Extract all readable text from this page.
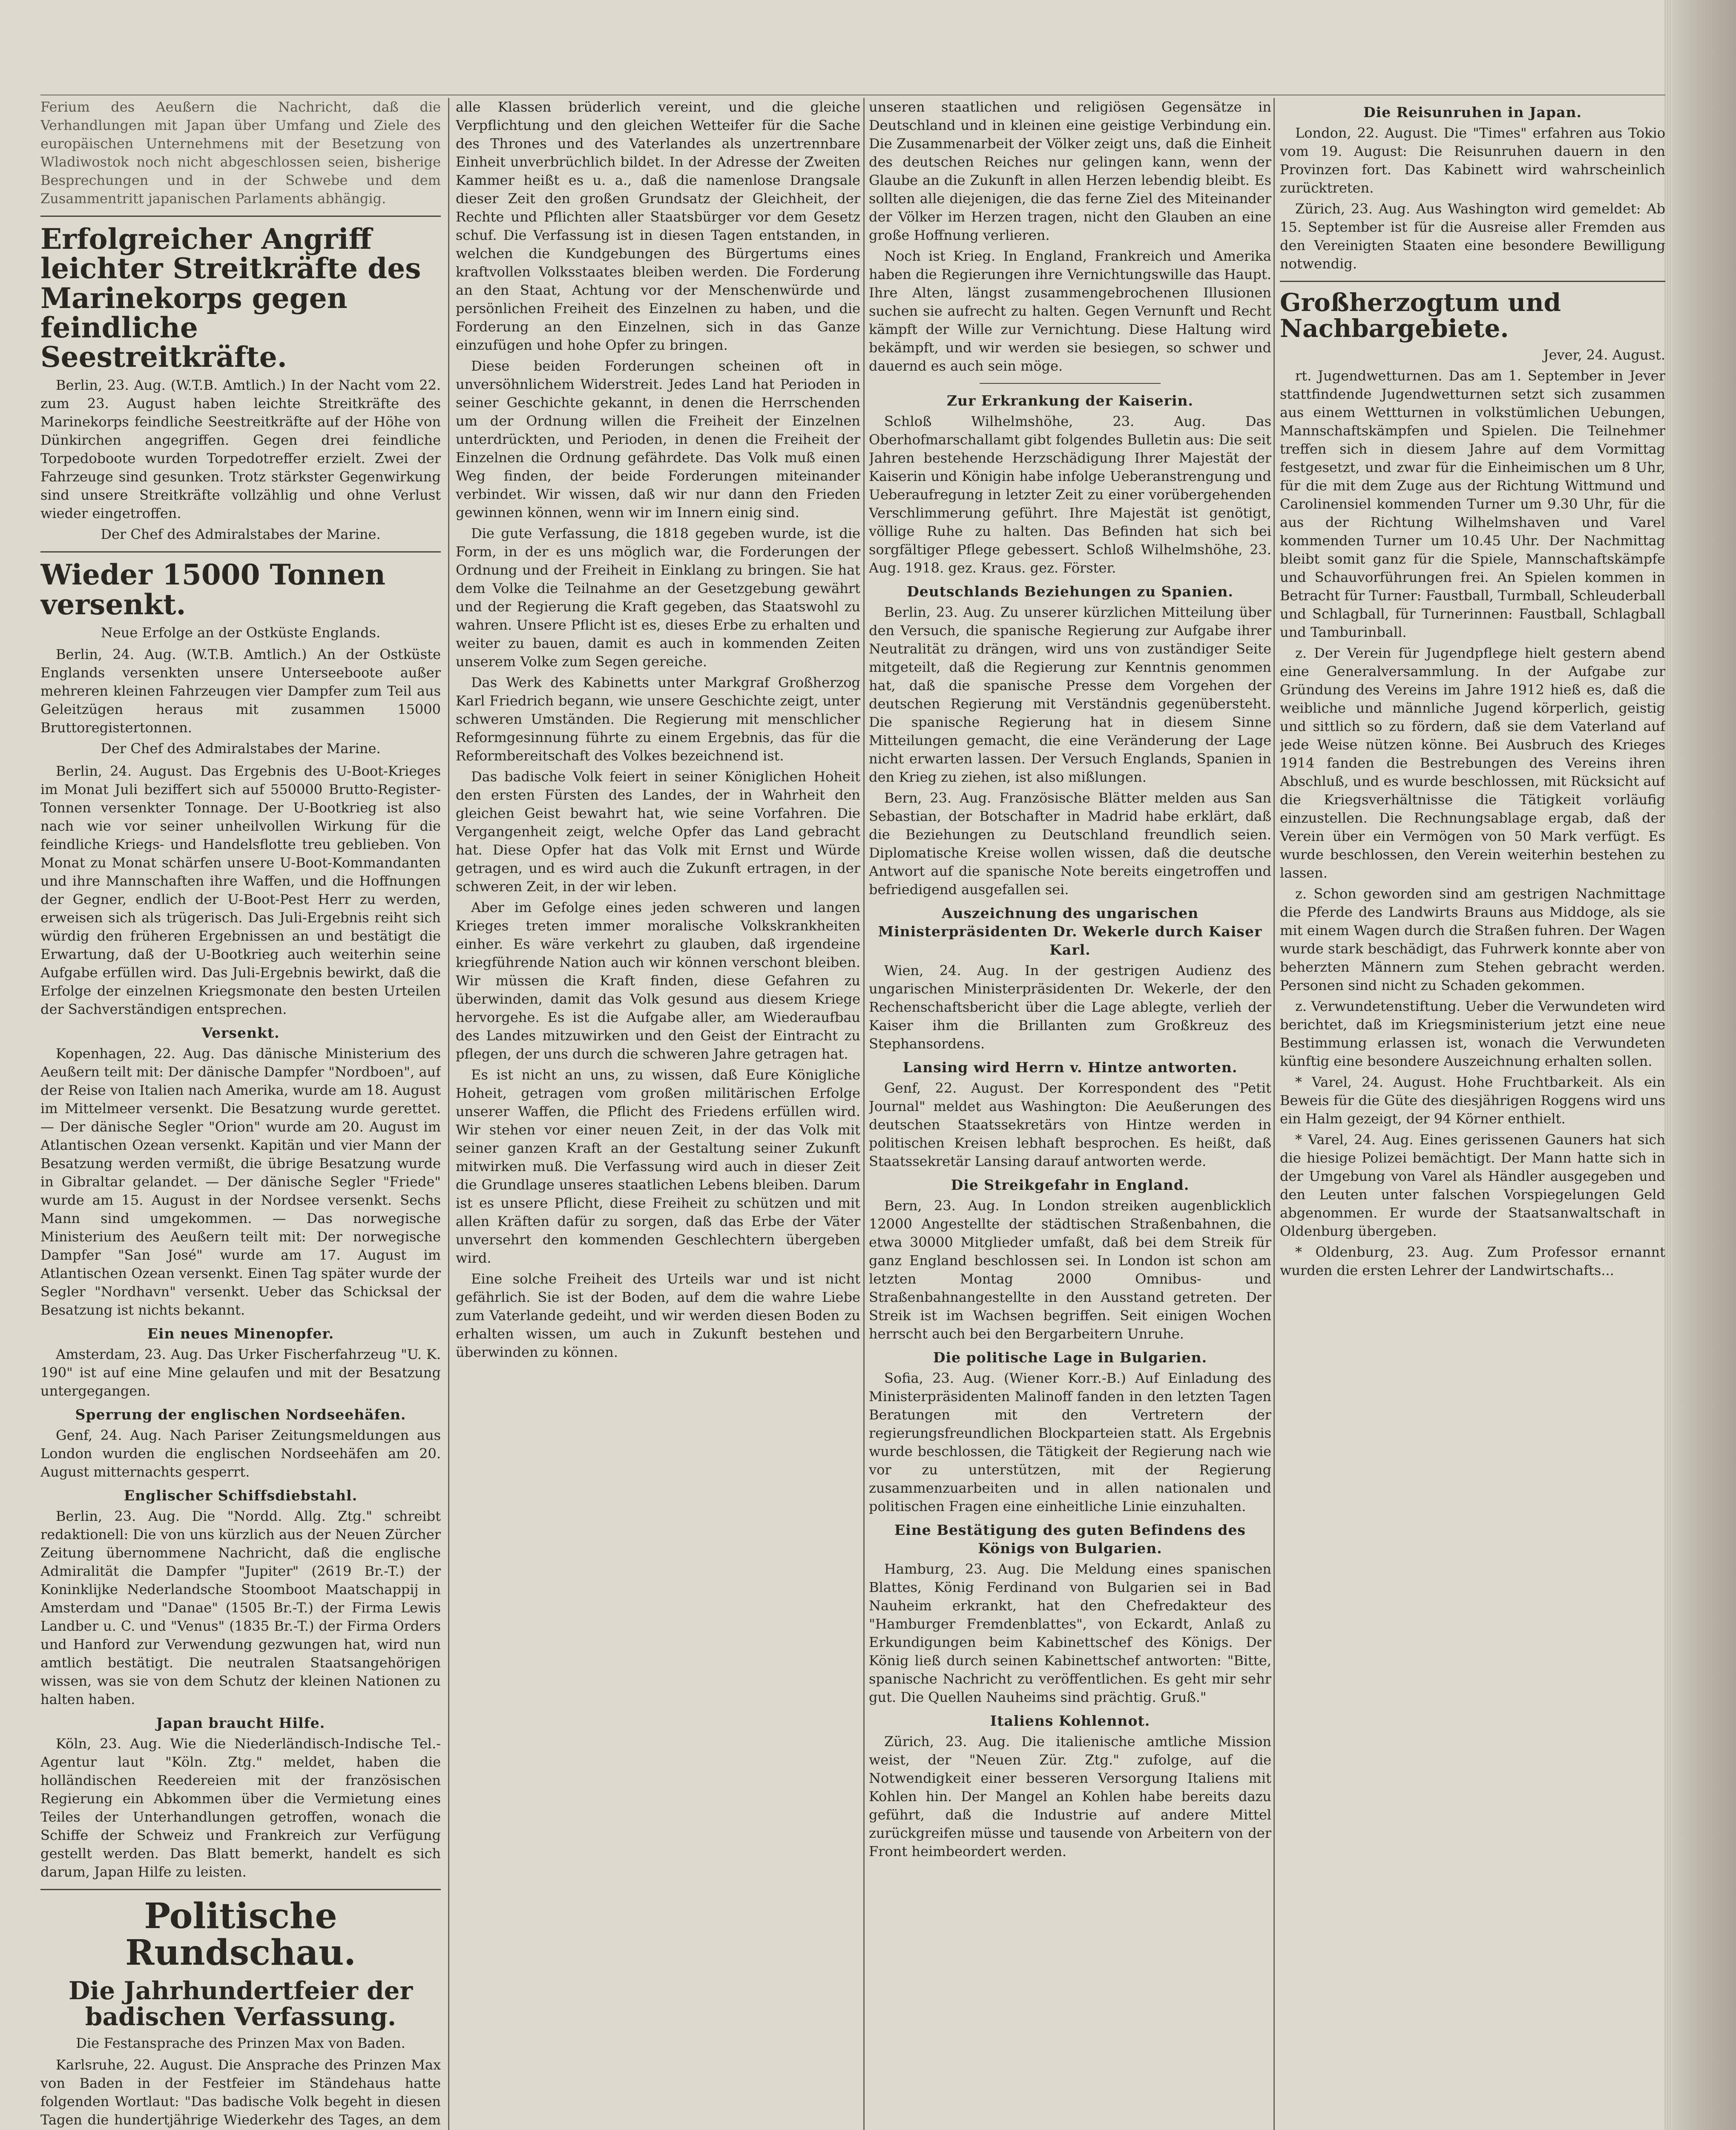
Ferium des Aeußern die Nachricht, daß die Verhandlungen mit Japan über Umfang und Ziele des europäischen Unternehmens mit der Besetzung von Wladiwostok noch nicht abgeschlossen seien, bisherige Besprechungen und in der Schwebe und dem Zusammentritt japanischen Parlaments abhängig.

Erfolgreicher Angriff leichter Streitkräfte des Marinekorps gegen feindliche Seestreitkräfte.

Berlin, 23. Aug. (W.T.B. Amtlich.) In der Nacht vom 22. zum 23. August haben leichte Streitkräfte des Marinekorps feindliche Seestreitkräfte auf der Höhe von Dünkirchen angegriffen. Gegen drei feindliche Torpedoboote wurden Torpedotreffer erzielt. Zwei der Fahrzeuge sind gesunken. Trotz stärkster Gegenwirkung sind unsere Streitkräfte vollzählig und ohne Verlust wieder eingetroffen.

Der Chef des Admiralstabes der Marine.
Wieder 15000 Tonnen versenkt.
Neue Erfolge an der Ostküste Englands.

Berlin, 24. Aug. (W.T.B. Amtlich.) An der Ostküste Englands versenkten unsere Unterseeboote außer mehreren kleinen Fahrzeugen vier Dampfer zum Teil aus Geleitzügen heraus mit zusammen 15000 Bruttoregistertonnen.

Der Chef des Admiralstabes der Marine.

Berlin, 24. August. Das Ergebnis des U-Boot-Krieges im Monat Juli beziffert sich auf 550000 Brutto-Register-Tonnen versenkter Tonnage. Der U-Bootkrieg ist also nach wie vor seiner unheilvollen Wirkung für die feindliche Kriegs- und Handelsflotte treu geblieben. Von Monat zu Monat schärfen unsere U-Boot-Kommandanten und ihre Mannschaften ihre Waffen, und die Hoffnungen der Gegner, endlich der U-Boot-Pest Herr zu werden, erweisen sich als trügerisch. Das Juli-Ergebnis reiht sich würdig den früheren Ergebnissen an und bestätigt die Erwartung, daß der U-Bootkrieg auch weiterhin seine Aufgabe erfüllen wird. Das Juli-Ergebnis bewirkt, daß die Erfolge der einzelnen Kriegsmonate den besten Urteilen der Sachverständigen entsprechen.

Versenkt.

Kopenhagen, 22. Aug. Das dänische Ministerium des Aeußern teilt mit: Der dänische Dampfer "Nordboen", auf der Reise von Italien nach Amerika, wurde am 18. August im Mittelmeer versenkt. Die Besatzung wurde gerettet. — Der dänische Segler "Orion" wurde am 20. August im Atlantischen Ozean versenkt. Kapitän und vier Mann der Besatzung werden vermißt, die übrige Besatzung wurde in Gibraltar gelandet. — Der dänische Segler "Friede" wurde am 15. August in der Nordsee versenkt. Sechs Mann sind umgekommen. — Das norwegische Ministerium des Aeußern teilt mit: Der norwegische Dampfer "San José" wurde am 17. August im Atlantischen Ozean versenkt. Einen Tag später wurde der Segler "Nordhavn" versenkt. Ueber das Schicksal der Besatzung ist nichts bekannt.

Ein neues Minenopfer.

Amsterdam, 23. Aug. Das Urker Fischerfahrzeug "U. K. 190" ist auf eine Mine gelaufen und mit der Besatzung untergegangen.

Sperrung der englischen Nordseehäfen.

Genf, 24. Aug. Nach Pariser Zeitungsmeldungen aus London wurden die englischen Nordseehäfen am 20. August mitternachts gesperrt.

Englischer Schiffsdiebstahl.

Berlin, 23. Aug. Die "Nordd. Allg. Ztg." schreibt redaktionell: Die von uns kürzlich aus der Neuen Zürcher Zeitung übernommene Nachricht, daß die englische Admiralität die Dampfer "Jupiter" (2619 Br.-T.) der Koninklijke Nederlandsche Stoomboot Maatschappij in Amsterdam und "Danae" (1505 Br.-T.) der Firma Lewis Landber u. C. und "Venus" (1835 Br.-T.) der Firma Orders und Hanford zur Verwendung gezwungen hat, wird nun amtlich bestätigt. Die neutralen Staatsangehörigen wissen, was sie von dem Schutz der kleinen Nationen zu halten haben.

Japan braucht Hilfe.

Köln, 23. Aug. Wie die Niederländisch-Indische Tel.-Agentur laut "Köln. Ztg." meldet, haben die holländischen Reedereien mit der französischen Regierung ein Abkommen über die Vermietung eines Teiles der Unterhandlungen getroffen, wonach die Schiffe der Schweiz und Frankreich zur Verfügung gestellt werden. Das Blatt bemerkt, handelt es sich darum, Japan Hilfe zu leisten.

Politische Rundschau.
Die Jahrhundertfeier der badischen Verfassung.
Die Festansprache des Prinzen Max von Baden.

Karlsruhe, 22. August. Die Ansprache des Prinzen Max von Baden in der Festfeier im Ständehaus hatte folgenden Wortlaut: "Das badische Volk begeht in diesen Tagen die hundertjährige Wiederkehr des Tages, an dem

alle Klassen brüderlich vereint, und die gleiche Verpflichtung und den gleichen Wetteifer für die Sache des Thrones und des Vaterlandes als unzertrennbare Einheit unverbrüchlich bildet. In der Adresse der Zweiten Kammer heißt es u. a., daß die namenlose Drangsale dieser Zeit den großen Grundsatz der Gleichheit, der Rechte und Pflichten aller Staatsbürger vor dem Gesetz schuf. Die Verfassung ist in diesen Tagen entstanden, in welchen die Kundgebungen des Bürgertums eines kraftvollen Volksstaates bleiben werden. Die Forderung an den Staat, Achtung vor der Menschenwürde und persönlichen Freiheit des Einzelnen zu haben, und die Forderung an den Einzelnen, sich in das Ganze einzufügen und hohe Opfer zu bringen.

Diese beiden Forderungen scheinen oft in unversöhnlichem Widerstreit. Jedes Land hat Perioden in seiner Geschichte gekannt, in denen die Herrschenden um der Ordnung willen die Freiheit der Einzelnen unterdrückten, und Perioden, in denen die Freiheit der Einzelnen die Ordnung gefährdete. Das Volk muß einen Weg finden, der beide Forderungen miteinander verbindet. Wir wissen, daß wir nur dann den Frieden gewinnen können, wenn wir im Innern einig sind.

Die gute Verfassung, die 1818 gegeben wurde, ist die Form, in der es uns möglich war, die Forderungen der Ordnung und der Freiheit in Einklang zu bringen. Sie hat dem Volke die Teilnahme an der Gesetzgebung gewährt und der Regierung die Kraft gegeben, das Staatswohl zu wahren. Unsere Pflicht ist es, dieses Erbe zu erhalten und weiter zu bauen, damit es auch in kommenden Zeiten unserem Volke zum Segen gereiche.

Das Werk des Kabinetts unter Markgraf Großherzog Karl Friedrich begann, wie unsere Geschichte zeigt, unter schweren Umständen. Die Regierung mit menschlicher Reformgesinnung führte zu einem Ergebnis, das für die Reformbereitschaft des Volkes bezeichnend ist.

Das badische Volk feiert in seiner Königlichen Hoheit den ersten Fürsten des Landes, der in Wahrheit den gleichen Geist bewahrt hat, wie seine Vorfahren. Die Vergangenheit zeigt, welche Opfer das Land gebracht hat. Diese Opfer hat das Volk mit Ernst und Würde getragen, und es wird auch die Zukunft ertragen, in der schweren Zeit, in der wir leben.

Aber im Gefolge eines jeden schweren und langen Krieges treten immer moralische Volkskrankheiten einher. Es wäre verkehrt zu glauben, daß irgendeine kriegführende Nation auch wir können verschont bleiben. Wir müssen die Kraft finden, diese Gefahren zu überwinden, damit das Volk gesund aus diesem Kriege hervorgehe. Es ist die Aufgabe aller, am Wiederaufbau des Landes mitzuwirken und den Geist der Eintracht zu pflegen, der uns durch die schweren Jahre getragen hat.

Es ist nicht an uns, zu wissen, daß Eure Königliche Hoheit, getragen vom großen militärischen Erfolge unserer Waffen, die Pflicht des Friedens erfüllen wird. Wir stehen vor einer neuen Zeit, in der das Volk mit seiner ganzen Kraft an der Gestaltung seiner Zukunft mitwirken muß. Die Verfassung wird auch in dieser Zeit die Grundlage unseres staatlichen Lebens bleiben. Darum ist es unsere Pflicht, diese Freiheit zu schützen und mit allen Kräften dafür zu sorgen, daß das Erbe der Väter unversehrt den kommenden Geschlechtern übergeben wird.

Eine solche Freiheit des Urteils war und ist nicht gefährlich. Sie ist der Boden, auf dem die wahre Liebe zum Vaterlande gedeiht, und wir werden diesen Boden zu erhalten wissen, um auch in Zukunft bestehen und überwinden zu können.

unseren staatlichen und religiösen Gegensätze in Deutschland und in kleinen eine geistige Verbindung ein. Die Zusammenarbeit der Völker zeigt uns, daß die Einheit des deutschen Reiches nur gelingen kann, wenn der Glaube an die Zukunft in allen Herzen lebendig bleibt. Es sollten alle diejenigen, die das ferne Ziel des Miteinander der Völker im Herzen tragen, nicht den Glauben an eine große Hoffnung verlieren.

Noch ist Krieg. In England, Frankreich und Amerika haben die Regierungen ihre Vernichtungswille das Haupt. Ihre Alten, längst zusammengebrochenen Illusionen suchen sie aufrecht zu halten. Gegen Vernunft und Recht kämpft der Wille zur Vernichtung. Diese Haltung wird bekämpft, und wir werden sie besiegen, so schwer und dauernd es auch sein möge.

Zur Erkrankung der Kaiserin.

Schloß Wilhelmshöhe, 23. Aug. Das Oberhofmarschallamt gibt folgendes Bulletin aus: Die seit Jahren bestehende Herzschädigung Ihrer Majestät der Kaiserin und Königin habe infolge Ueberanstrengung und Ueberaufregung in letzter Zeit zu einer vorübergehenden Verschlimmerung geführt. Ihre Majestät ist genötigt, völlige Ruhe zu halten. Das Befinden hat sich bei sorgfältiger Pflege gebessert. Schloß Wilhelmshöhe, 23. Aug. 1918. gez. Kraus. gez. Förster.

Deutschlands Beziehungen zu Spanien.

Berlin, 23. Aug. Zu unserer kürzlichen Mitteilung über den Versuch, die spanische Regierung zur Aufgabe ihrer Neutralität zu drängen, wird uns von zuständiger Seite mitgeteilt, daß die Regierung zur Kenntnis genommen hat, daß die spanische Presse dem Vorgehen der deutschen Regierung mit Verständnis gegenübersteht. Die spanische Regierung hat in diesem Sinne Mitteilungen gemacht, die eine Veränderung der Lage nicht erwarten lassen. Der Versuch Englands, Spanien in den Krieg zu ziehen, ist also mißlungen.

Bern, 23. Aug. Französische Blätter melden aus San Sebastian, der Botschafter in Madrid habe erklärt, daß die Beziehungen zu Deutschland freundlich seien. Diplomatische Kreise wollen wissen, daß die deutsche Antwort auf die spanische Note bereits eingetroffen und befriedigend ausgefallen sei.

Auszeichnung des ungarischen Ministerpräsidenten Dr. Wekerle durch Kaiser Karl.

Wien, 24. Aug. In der gestrigen Audienz des ungarischen Ministerpräsidenten Dr. Wekerle, der den Rechenschaftsbericht über die Lage ablegte, verlieh der Kaiser ihm die Brillanten zum Großkreuz des Stephansordens.

Lansing wird Herrn v. Hintze antworten.

Genf, 22. August. Der Korrespondent des "Petit Journal" meldet aus Washington: Die Aeußerungen des deutschen Staatssekretärs von Hintze werden in politischen Kreisen lebhaft besprochen. Es heißt, daß Staatssekretär Lansing darauf antworten werde.

Die Streikgefahr in England.

Bern, 23. Aug. In London streiken augenblicklich 12000 Angestellte der städtischen Straßenbahnen, die etwa 30000 Mitglieder umfaßt, daß bei dem Streik für ganz England beschlossen sei. In London ist schon am letzten Montag 2000 Omnibus- und Straßenbahnangestellte in den Ausstand getreten. Der Streik ist im Wachsen begriffen. Seit einigen Wochen herrscht auch bei den Bergarbeitern Unruhe.

Die politische Lage in Bulgarien.

Sofia, 23. Aug. (Wiener Korr.-B.) Auf Einladung des Ministerpräsidenten Malinoff fanden in den letzten Tagen Beratungen mit den Vertretern der regierungsfreundlichen Blockparteien statt. Als Ergebnis wurde beschlossen, die Tätigkeit der Regierung nach wie vor zu unterstützen, mit der Regierung zusammenzuarbeiten und in allen nationalen und politischen Fragen eine einheitliche Linie einzuhalten.

Eine Bestätigung des guten Befindens des Königs von Bulgarien.

Hamburg, 23. Aug. Die Meldung eines spanischen Blattes, König Ferdinand von Bulgarien sei in Bad Nauheim erkrankt, hat den Chefredakteur des "Hamburger Fremdenblattes", von Eckardt, Anlaß zu Erkundigungen beim Kabinettschef des Königs. Der König ließ durch seinen Kabinettschef antworten: "Bitte, spanische Nachricht zu veröffentlichen. Es geht mir sehr gut. Die Quellen Nauheims sind prächtig. Gruß."

Italiens Kohlennot.

Zürich, 23. Aug. Die italienische amtliche Mission weist, der "Neuen Zür. Ztg." zufolge, auf die Notwendigkeit einer besseren Versorgung Italiens mit Kohlen hin. Der Mangel an Kohlen habe bereits dazu geführt, daß die Industrie auf andere Mittel zurückgreifen müsse und tausende von Arbeitern von der Front heimbeordert werden.

Die Reisunruhen in Japan.

London, 22. August. Die "Times" erfahren aus Tokio vom 19. August: Die Reisunruhen dauern in den Provinzen fort. Das Kabinett wird wahrscheinlich zurücktreten.

Zürich, 23. Aug. Aus Washington wird gemeldet: Ab 15. September ist für die Ausreise aller Fremden aus den Vereinigten Staaten eine besondere Bewilligung notwendig.

Großherzogtum und Nachbargebiete.
Jever, 24. August.

rt. Jugendwetturnen. Das am 1. September in Jever stattfindende Jugendwetturnen setzt sich zusammen aus einem Wettturnen in volkstümlichen Uebungen, Mannschaftskämpfen und Spielen. Die Teilnehmer treffen sich in diesem Jahre auf dem Vormittag festgesetzt, und zwar für die Einheimischen um 8 Uhr, für die mit dem Zuge aus der Richtung Wittmund und Carolinensiel kommenden Turner um 9.30 Uhr, für die aus der Richtung Wilhelmshaven und Varel kommenden Turner um 10.45 Uhr. Der Nachmittag bleibt somit ganz für die Spiele, Mannschaftskämpfe und Schauvorführungen frei. An Spielen kommen in Betracht für Turner: Faustball, Turmball, Schleuderball und Schlagball, für Turnerinnen: Faustball, Schlagball und Tamburinball.

z. Der Verein für Jugendpflege hielt gestern abend eine Generalversammlung. In der Aufgabe zur Gründung des Vereins im Jahre 1912 hieß es, daß die weibliche und männliche Jugend körperlich, geistig und sittlich so zu fördern, daß sie dem Vaterland auf jede Weise nützen könne. Bei Ausbruch des Krieges 1914 fanden die Bestrebungen des Vereins ihren Abschluß, und es wurde beschlossen, mit Rücksicht auf die Kriegsverhältnisse die Tätigkeit vorläufig einzustellen. Die Rechnungsablage ergab, daß der Verein über ein Vermögen von 50 Mark verfügt. Es wurde beschlossen, den Verein weiterhin bestehen zu lassen.

z. Schon geworden sind am gestrigen Nachmittage die Pferde des Landwirts Brauns aus Middoge, als sie mit einem Wagen durch die Straßen fuhren. Der Wagen wurde stark beschädigt, das Fuhrwerk konnte aber von beherzten Männern zum Stehen gebracht werden. Personen sind nicht zu Schaden gekommen.

z. Verwundetenstiftung. Ueber die Verwundeten wird berichtet, daß im Kriegsministerium jetzt eine neue Bestimmung erlassen ist, wonach die Verwundeten künftig eine besondere Auszeichnung erhalten sollen.

* Varel, 24. August. Hohe Fruchtbarkeit. Als ein Beweis für die Güte des diesjährigen Roggens wird uns ein Halm gezeigt, der 94 Körner enthielt.

* Varel, 24. Aug. Eines gerissenen Gauners hat sich die hiesige Polizei bemächtigt. Der Mann hatte sich in der Umgebung von Varel als Händler ausgegeben und den Leuten unter falschen Vorspiegelungen Geld abgenommen. Er wurde der Staatsanwaltschaft in Oldenburg übergeben.

* Oldenburg, 23. Aug. Zum Professor ernannt wurden die ersten Lehrer der Landwirtschafts...
